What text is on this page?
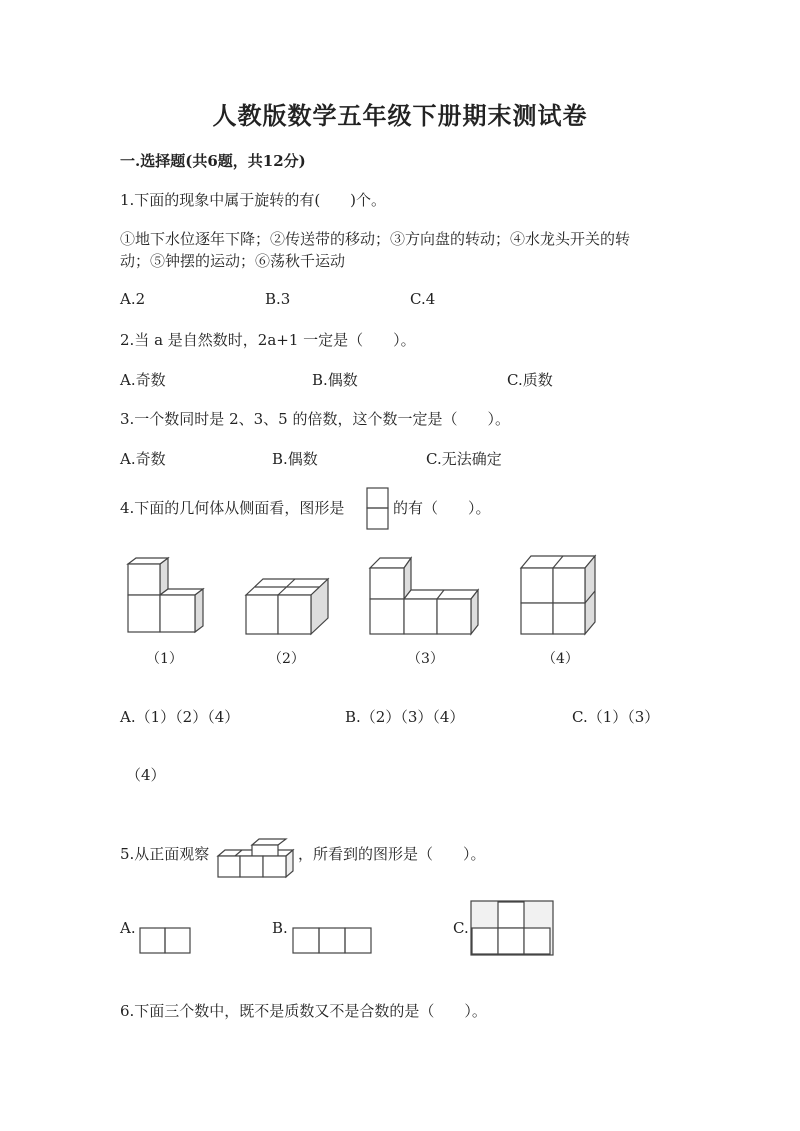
人教版数学五年级下册期末测试卷
一.选择题(共6题，共12分)
1.下面的现象中属于旋转的有(　　)个。
①地下水位逐年下降；②传送带的移动；③方向盘的转动；④水龙头开关的转
动；⑤钟摆的运动；⑥荡秋千运动
A.2	B.3	C.4
2.当 a 是自然数时，2a+1 一定是（　　）。
A.奇数	B.偶数	C.质数
3.一个数同时是 2、3、5 的倍数，这个数一定是（　　）。
A.奇数	B.偶数	C.无法确定
4.下面的几何体从侧面看，图形是	的有（　　）。
（1）	（2）	（3）	（4）
A.（1）（2）（4）	B.（2）（3）（4）	C.（1）（3）
（4）
5.从正面观察	，所看到的图形是（　　）。
A.	B.	C.
6.下面三个数中，既不是质数又不是合数的是（　　）。
